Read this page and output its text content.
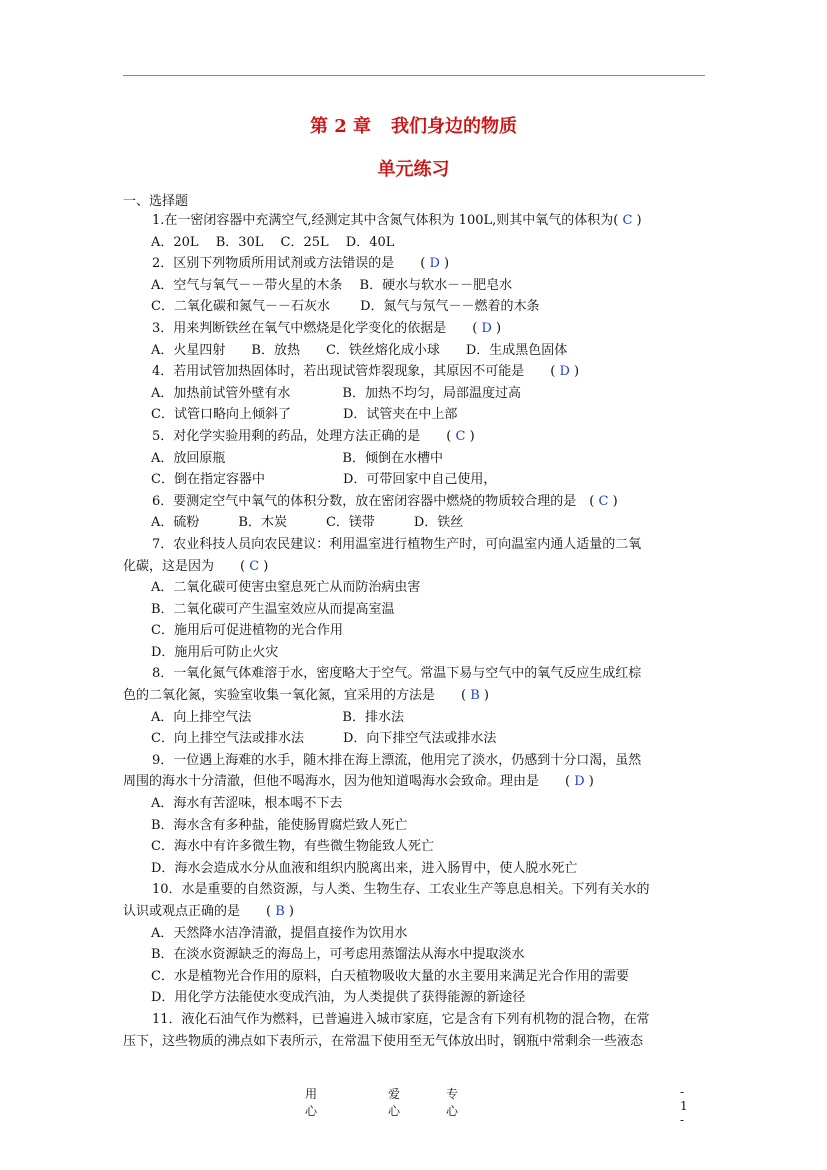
第 2 章 我们身边的物质
单元练习
一、选择题
1.在一密闭容器中充满空气,经测定其中含氮气体积为 100L,则其中氧气的体积为( C )
A．20L　 B．30L　 C．25L　 D．40L
2．区别下列物质所用试剂或方法错误的是　　( D )
A．空气与氧气－－带火星的木条　 B．硬水与软水－－肥皂水
C．二氧化碳和氮气－－石灰水　　 D．氮气与氖气－－燃着的木条
3．用来判断铁丝在氧气中燃烧是化学变化的依据是　　( D )
A．火星四射　　B．放热　　C．铁丝熔化成小球　　D．生成黑色固体
4．若用试管加热固体时，若出现试管炸裂现象，其原因不可能是　　( D )
A．加热前试管外壁有水　　　　B．加热不均匀，局部温度过高
C．试管口略向上倾斜了　　　　D．试管夹在中上部
5．对化学实验用剩的药品，处理方法正确的是　　( C )
A．放回原瓶　　　　　　　　　B．倾倒在水槽中
C．倒在指定容器中　　　　　　D．可带回家中自己使用，
6．要测定空气中氧气的体积分数，放在密闭容器中燃烧的物质较合理的是　( C )
A．硫粉　　　B．木炭　　　C．镁带　　　D．铁丝
7．农业科技人员向农民建议：利用温室进行植物生产时，可向温室内通人适量的二氧
化碳，这是因为　　( C )
A．二氧化碳可使害虫窒息死亡从而防治病虫害
B．二氧化碳可产生温室效应从而提高室温
C．施用后可促进植物的光合作用
D．施用后可防止火灾
8．一氧化氮气体难溶于水，密度略大于空气。常温下易与空气中的氧气反应生成红棕
色的二氧化氮，实验室收集一氧化氮，宜采用的方法是　　( B )
A．向上排空气法　　　　　　　B．排水法
C．向上排空气法或排水法　　　D．向下排空气法或排水法
9．一位遇上海难的水手，随木排在海上漂流，他用完了淡水，仍感到十分口渴，虽然
周围的海水十分清澈，但他不喝海水，因为他知道喝海水会致命。理由是　　( D )
A．海水有苦涩味，根本喝不下去
B．海水含有多种盐，能使肠胃腐烂致人死亡
C．海水中有许多微生物，有些微生物能致人死亡
D．海水会造成水分从血液和组织内脱离出来，进入肠胃中，使人脱水死亡
10．水是重要的自然资源，与人类、生物生存、工农业生产等息息相关。下列有关水的
认识或观点正确的是　　( B )
A．天然降水洁净清澈，提倡直接作为饮用水
B．在淡水资源缺乏的海岛上，可考虑用蒸馏法从海水中提取淡水
C．水是植物光合作用的原料，白天植物吸收大量的水主要用来满足光合作用的需要
D．用化学方法能使水变成汽油，为人类提供了获得能源的新途径
11．液化石油气作为燃料，已普遍进入城市家庭，它是含有下列有机物的混合物，在常
压下，这些物质的沸点如下表所示，在常温下使用至无气体放出时，钢瓶中常剩余一些液态
用心
爱心
专心
- 1 -
